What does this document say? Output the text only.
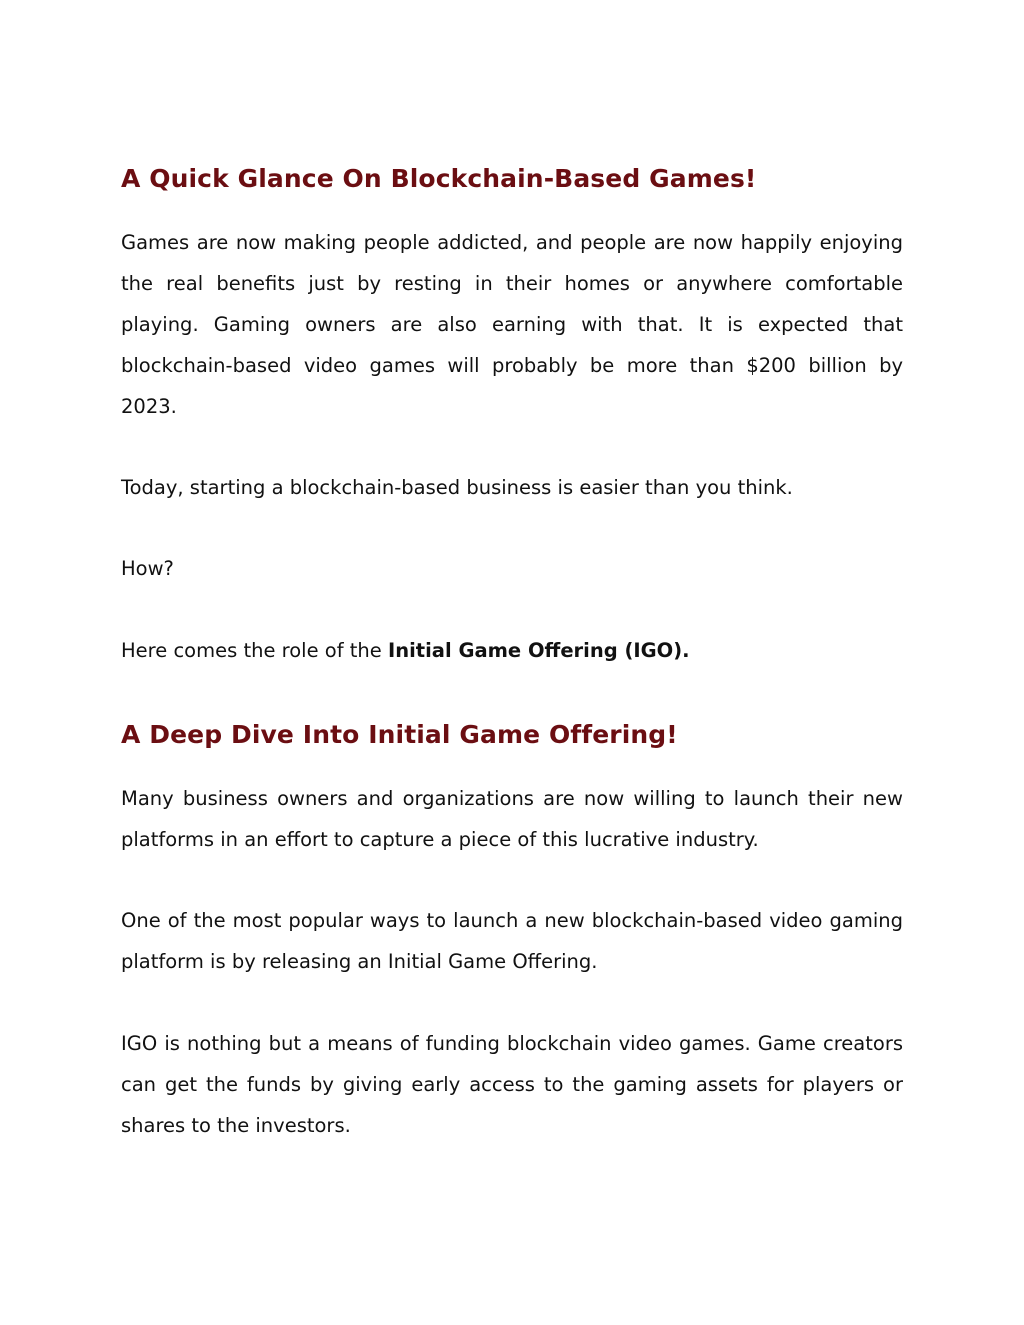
A Quick Glance On Blockchain-Based Games!

Games are now making people addicted, and people are now happily enjoying the real benefits just by resting in their homes or anywhere comfortable playing. Gaming owners are also earning with that. It is expected that blockchain-based video games will probably be more than $200 billion by 2023.

Today, starting a blockchain-based business is easier than you think.

How?

Here comes the role of the Initial Game Offering (IGO).

A Deep Dive Into Initial Game Offering!

Many business owners and organizations are now willing to launch their new platforms in an effort to capture a piece of this lucrative industry.

One of the most popular ways to launch a new blockchain-based video gaming platform is by releasing an Initial Game Offering.

IGO is nothing but a means of funding blockchain video games. Game creators can get the funds by giving early access to the gaming assets for players or shares to the investors.
